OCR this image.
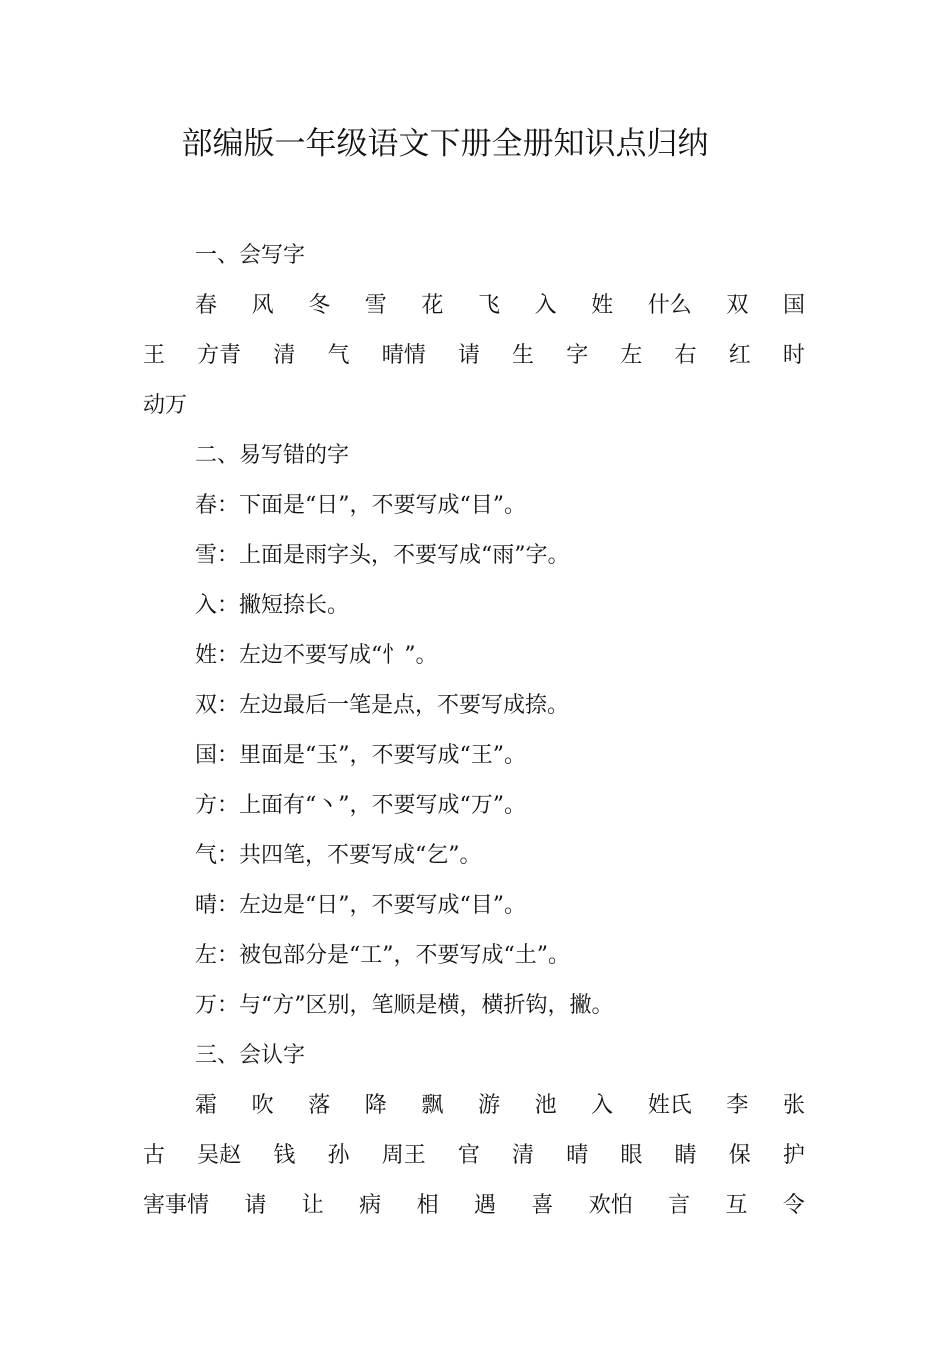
部编版一年级语文下册全册知识点归纳
一、会写字
春 风 冬 雪 花 飞 入 姓 什么 双 国
王 方青 清 气 晴情 请 生 字 左 右 红 时
动万
二、易写错的字
春：下面是“日”，不要写成“目”。
雪：上面是雨字头，不要写成“雨”字。
入：撇短捺长。
姓：左边不要写成“忄”。
双：左边最后一笔是点，不要写成捺。
国：里面是“玉”，不要写成“王”。
方：上面有“丶”，不要写成“万”。
气：共四笔，不要写成“乞”。
晴：左边是“日”，不要写成“目”。
左：被包部分是“工”，不要写成“土”。
万：与“方”区别，笔顺是横，横折钩，撇。
三、会认字
霜 吹 落 降 飘 游 池 入 姓氏 李 张
古 吴赵 钱 孙 周王 官 清 晴 眼 睛 保 护
害事情 请 让 病 相 遇 喜 欢怕 言 互 令
